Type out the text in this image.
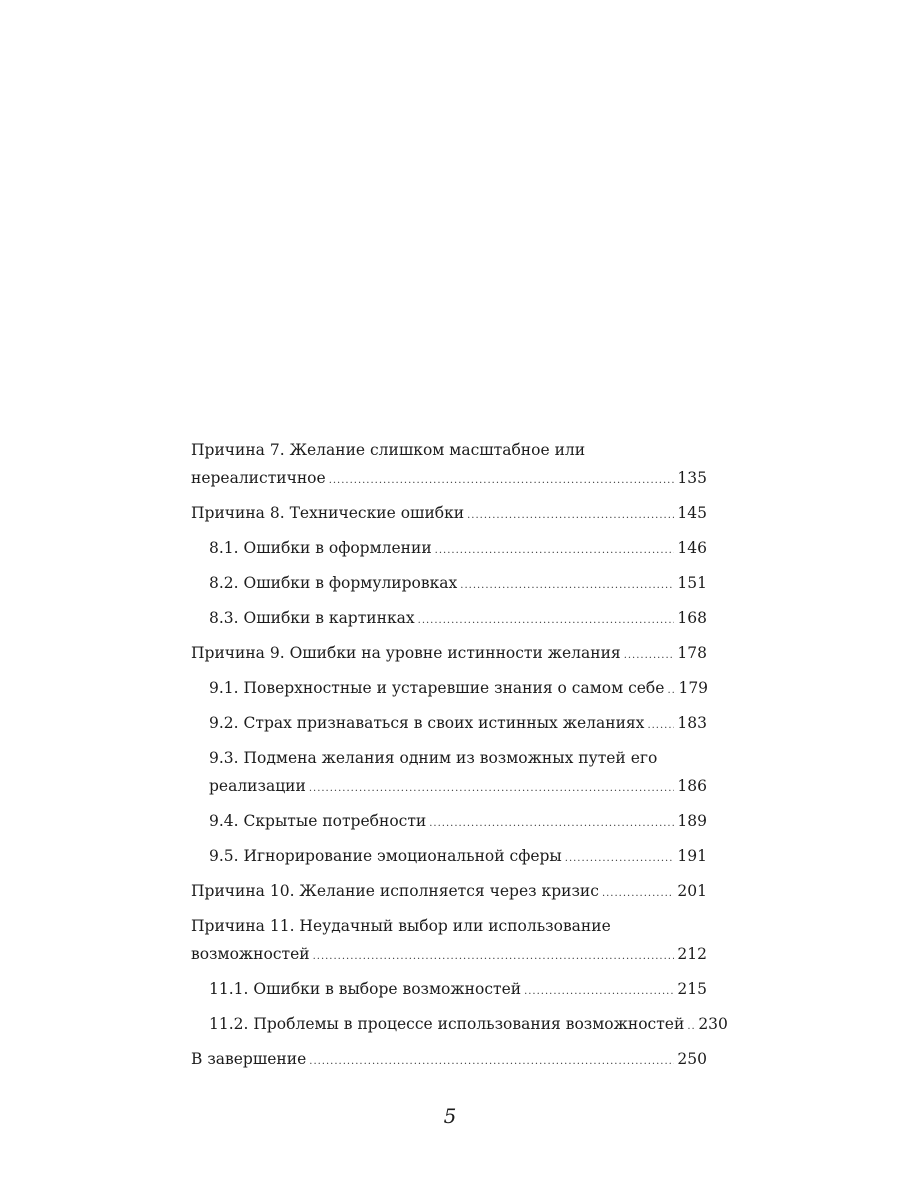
Причина 7. Желание слишком масштабное или
нереалистичное .....	135
Причина 8. Технические ошибки .....	145
8.1. Ошибки в оформлении .....	146
8.2. Ошибки в формулировках .....	151
8.3. Ошибки в картинках .....	168
Причина 9. Ошибки на уровне истинности желания .....	178
9.1. Поверхностные и устаревшие знания о самом себе ..... 179
9.2. Страх признаваться в своих истинных желаниях ..... 183
9.3. Подмена желания одним из возможных путей его
реализации .....	186
9.4. Скрытые потребности .....	189
9.5. Игнорирование эмоциональной сферы .....	191
Причина 10. Желание исполняется через кризис .....	201
Причина 11. Неудачный выбор или использование
возможностей .....	212
11.1. Ошибки в выборе возможностей .....	215
11.2. Проблемы в процессе использования возможностей ..... 230
В завершение .....	250
5
